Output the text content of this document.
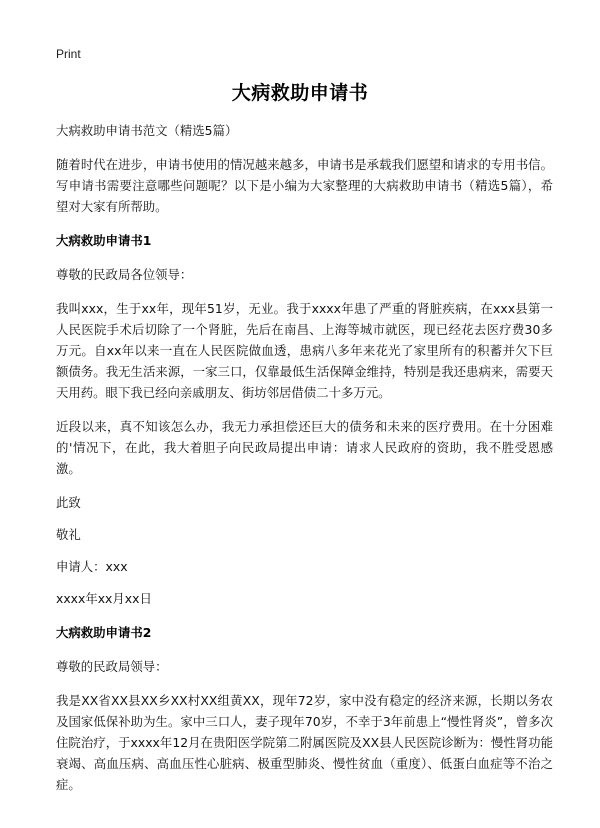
Print
大病救助申请书

大病救助申请书范文（精选5篇）

随着时代在进步，申请书使用的情况越来越多，申请书是承载我们愿望和请求的专用书信。写申请书需要注意哪些问题呢？以下是小编为大家整理的大病救助申请书（精选5篇），希望对大家有所帮助。

大病救助申请书1

尊敬的民政局各位领导：

我叫xxx，生于xx年，现年51岁，无业。我于xxxx年患了严重的肾脏疾病，在xxx县第一人民医院手术后切除了一个肾脏，先后在南昌、上海等城市就医，现已经花去医疗费30多万元。自xx年以来一直在人民医院做血透，患病八多年来花光了家里所有的积蓄并欠下巨额债务。我无生活来源，一家三口，仅靠最低生活保障金维持，特别是我还患病来，需要天天用药。眼下我已经向亲戚朋友、街坊邻居借债二十多万元。

近段以来，真不知该怎么办，我无力承担偿还巨大的债务和未来的医疗费用。在十分困难的'情况下，在此，我大着胆子向民政局提出申请：请求人民政府的资助，我不胜受恩感激。

此致

敬礼

申请人：xxx

xxxx年xx月xx日

大病救助申请书2

尊敬的民政局领导：

我是XX省XX县XX乡XX村XX组黄XX，现年72岁，家中没有稳定的经济来源，长期以务农及国家低保补助为生。家中三口人，妻子现年70岁，不幸于3年前患上“慢性肾炎”，曾多次住院治疗，于xxxx年12月在贵阳医学院第二附属医院及XX县人民医院诊断为：慢性肾功能衰竭、高血压病、高血压性心脏病、极重型肺炎、慢性贫血（重度）、低蛋白血症等不治之症。
